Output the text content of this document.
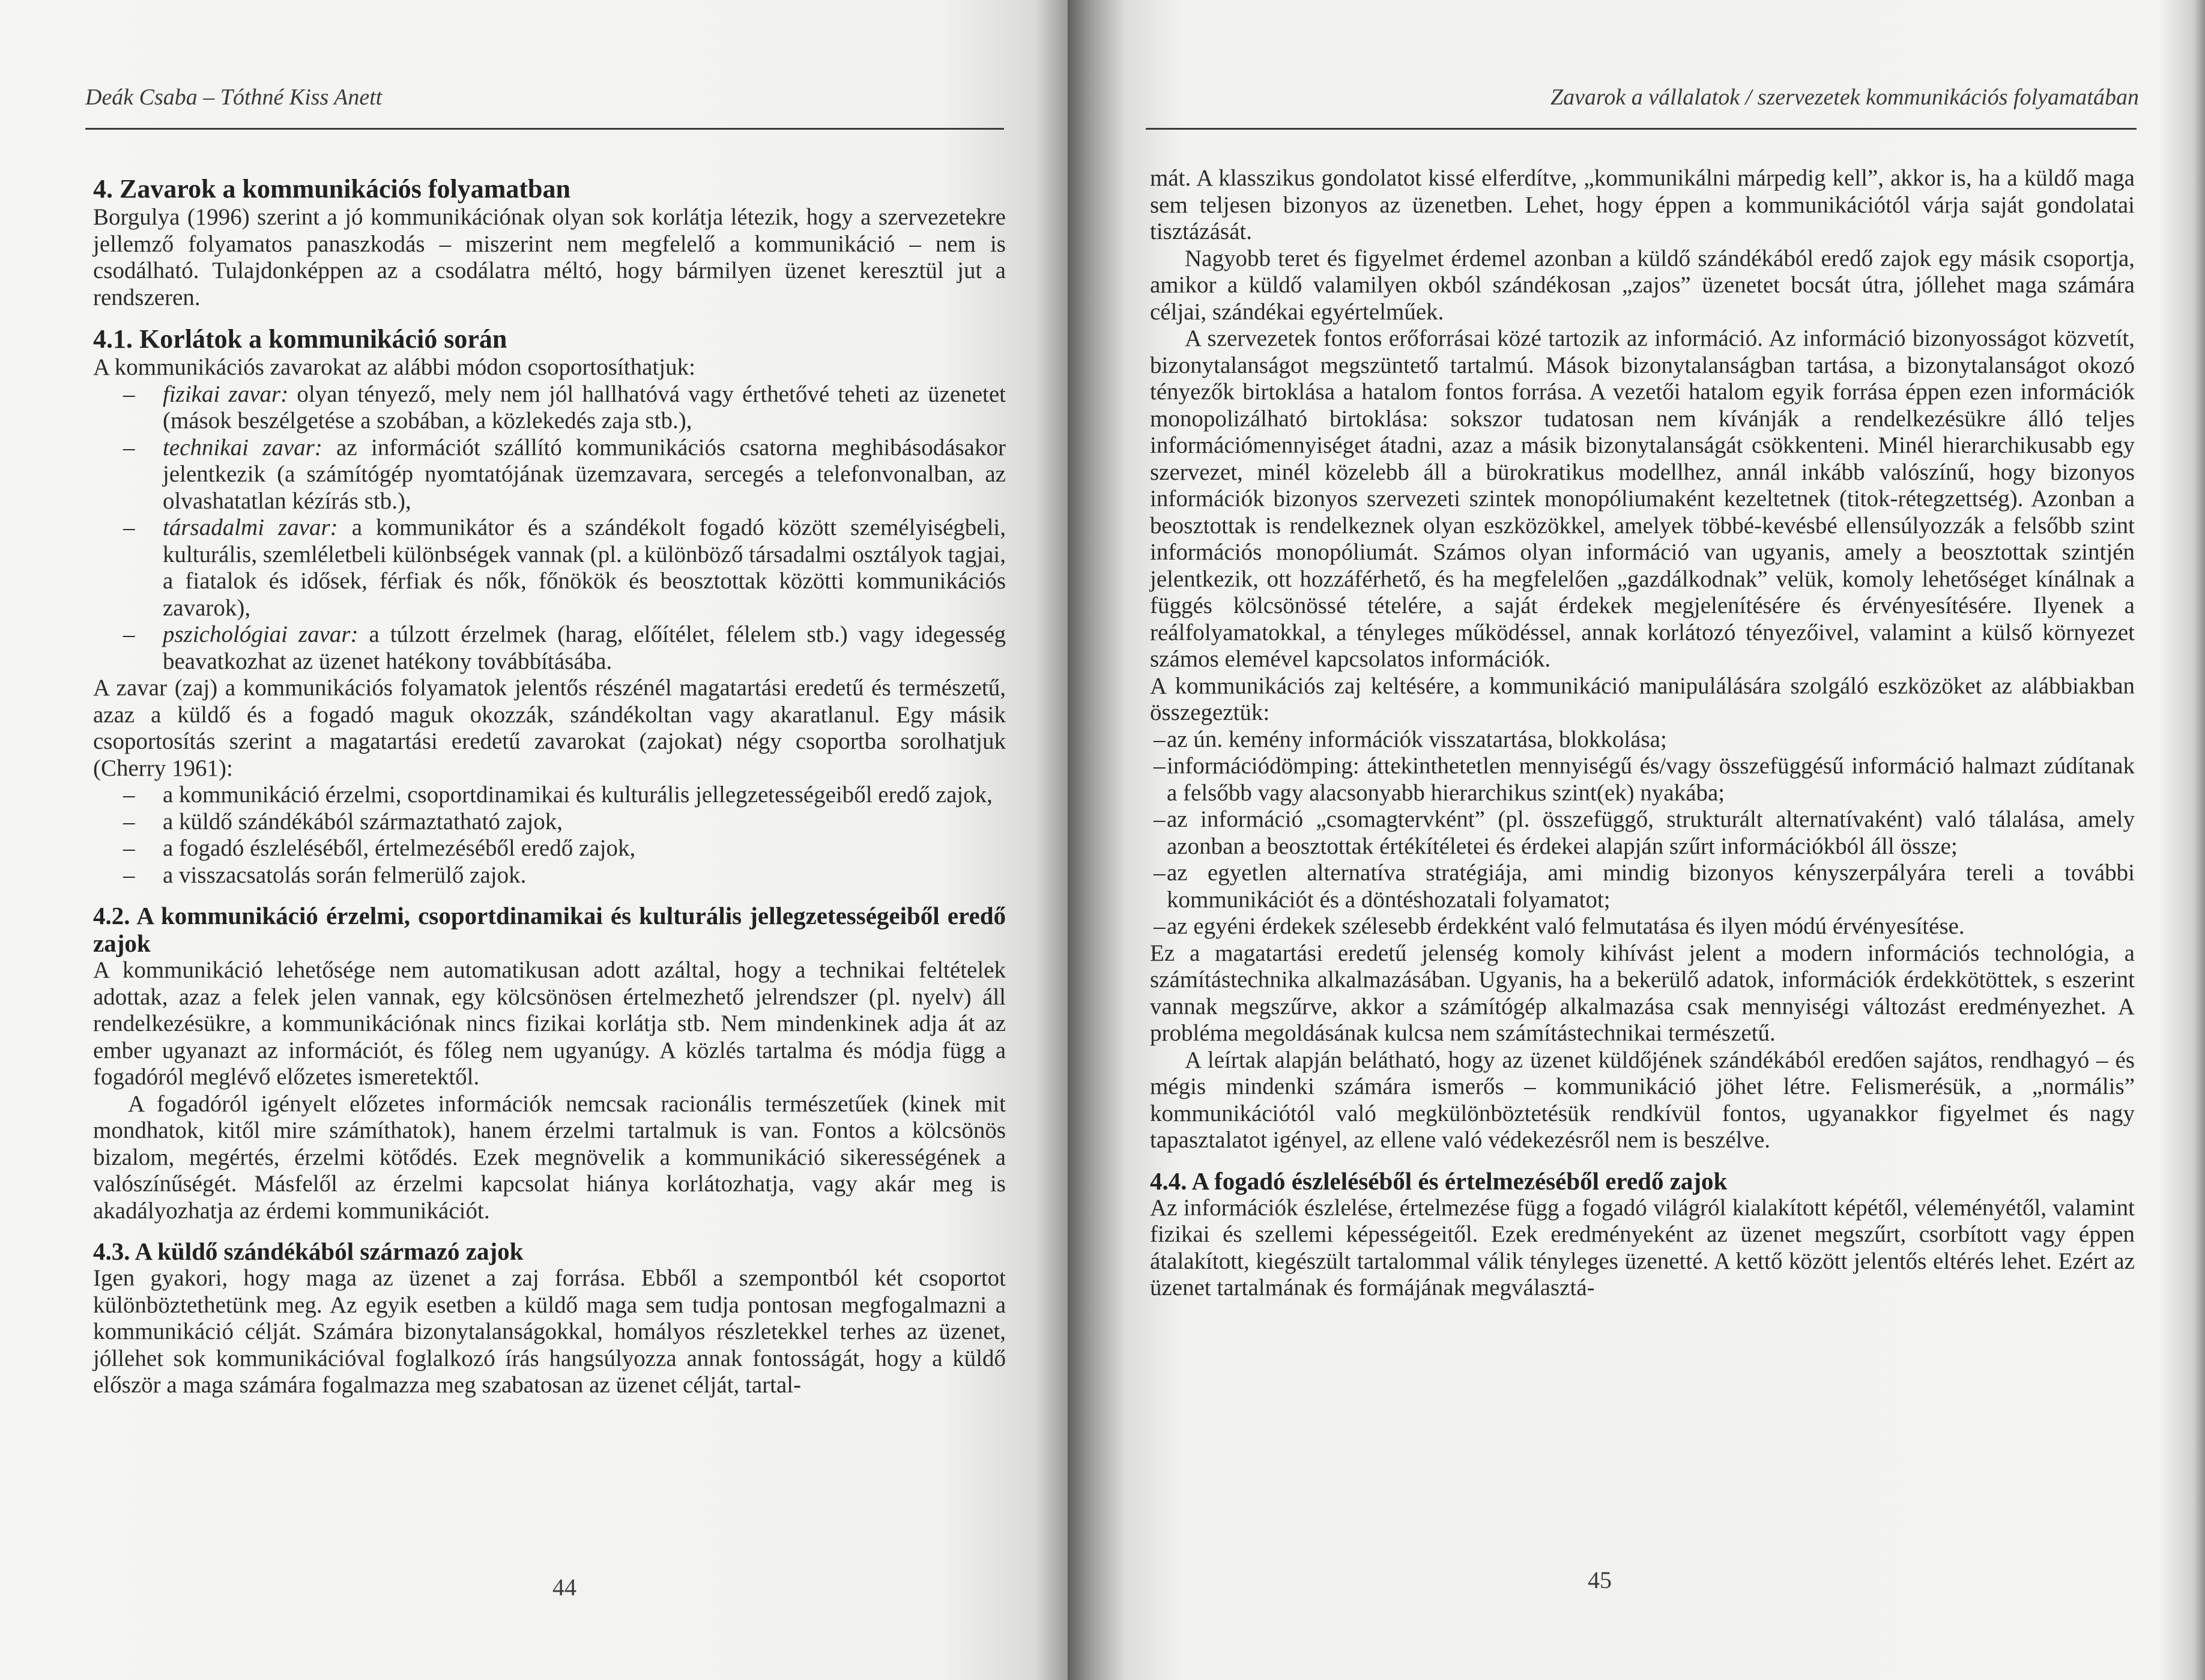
Deák Csaba – Tóthné Kiss Anett
4. Zavarok a kommunikációs folyamatban

Borgulya (1996) szerint a jó kommunikációnak olyan sok korlátja létezik, hogy a szervezetekre jellemző folyamatos panaszkodás – miszerint nem megfelelő a kommunikáció – nem is csodálható. Tulajdonképpen az a csodálatra méltó, hogy bármilyen üzenet keresztül jut a rendszeren.

4.1. Korlátok a kommunikáció során

A kommunikációs zavarokat az alábbi módon csoportosíthatjuk:

– fizikai zavar: olyan tényező, mely nem jól hallhatóvá vagy érthetővé teheti az üzenetet (mások beszélgetése a szobában, a közlekedés zaja stb.),
– technikai zavar: az információt szállító kommunikációs csatorna meghibásodásakor jelentkezik (a számítógép nyomtatójának üzemzavara, sercegés a telefonvonalban, az olvashatatlan kézírás stb.),
– társadalmi zavar: a kommunikátor és a szándékolt fogadó között személyiségbeli, kulturális, szemléletbeli különbségek vannak (pl. a különböző társadalmi osztályok tagjai, a fiatalok és idősek, férfiak és nők, főnökök és beosztottak közötti kommunikációs zavarok),
– pszichológiai zavar: a túlzott érzelmek (harag, előítélet, félelem stb.) vagy idegesség beavatkozhat az üzenet hatékony továbbításába.

A zavar (zaj) a kommunikációs folyamatok jelentős részénél magatartási eredetű és természetű, azaz a küldő és a fogadó maguk okozzák, szándékoltan vagy akaratlanul. Egy másik csoportosítás szerint a magatartási eredetű zavarokat (zajokat) négy csoportba sorolhatjuk (Cherry 1961):

– a kommunikáció érzelmi, csoportdinamikai és kulturális jellegzetességeiből eredő zajok,
– a küldő szándékából származtatható zajok,
– a fogadó észleléséből, értelmezéséből eredő zajok,
– a visszacsatolás során felmerülő zajok.
4.2. A kommunikáció érzelmi, csoportdinamikai és kulturális jellegzetességeiből eredő zajok

A kommunikáció lehetősége nem automatikusan adott azáltal, hogy a technikai feltételek adottak, azaz a felek jelen vannak, egy kölcsönösen értelmezhető jelrendszer (pl. nyelv) áll rendelkezésükre, a kommunikációnak nincs fizikai korlátja stb. Nem mindenkinek adja át az ember ugyanazt az információt, és főleg nem ugyanúgy. A közlés tartalma és módja függ a fogadóról meglévő előzetes ismeretektől.

A fogadóról igényelt előzetes információk nemcsak racionális természetűek (kinek mit mondhatok, kitől mire számíthatok), hanem érzelmi tartalmuk is van. Fontos a kölcsönös bizalom, megértés, érzelmi kötődés. Ezek megnövelik a kommunikáció sikerességének a valószínűségét. Másfelől az érzelmi kapcsolat hiánya korlátozhatja, vagy akár meg is akadályozhatja az érdemi kommunikációt.

4.3. A küldő szándékából származó zajok

Igen gyakori, hogy maga az üzenet a zaj forrása. Ebből a szempontból két csoportot különböztethetünk meg. Az egyik esetben a küldő maga sem tudja pontosan megfogalmazni a kommunikáció célját. Számára bizonytalanságokkal, homályos részletekkel terhes az üzenet, jóllehet sok kommunikációval foglalkozó írás hangsúlyozza annak fontosságát, hogy a küldő először a maga számára fogalmazza meg szabatosan az üzenet célját, tartal-

44
Zavarok a vállalatok / szervezetek kommunikációs folyamatában

mát. A klasszikus gondolatot kissé elferdítve, „kommunikálni márpedig kell”, akkor is, ha a küldő maga sem teljesen bizonyos az üzenetben. Lehet, hogy éppen a kommunikációtól várja saját gondolatai tisztázását.

Nagyobb teret és figyelmet érdemel azonban a küldő szándékából eredő zajok egy másik csoportja, amikor a küldő valamilyen okból szándékosan „zajos” üzenetet bocsát útra, jóllehet maga számára céljai, szándékai egyértelműek.

A szervezetek fontos erőforrásai közé tartozik az információ. Az információ bizonyosságot közvetít, bizonytalanságot megszüntető tartalmú. Mások bizonytalanságban tartása, a bizonytalanságot okozó tényezők birtoklása a hatalom fontos forrása. A vezetői hatalom egyik forrása éppen ezen információk monopolizálható birtoklása: sokszor tudatosan nem kívánják a rendelkezésükre álló teljes információmennyiséget átadni, azaz a másik bizonytalanságát csökkenteni. Minél hierarchikusabb egy szervezet, minél közelebb áll a bürokratikus modellhez, annál inkább valószínű, hogy bizonyos információk bizonyos szervezeti szintek monopóliumaként kezeltetnek (titok-rétegzettség). Azonban a beosztottak is rendelkeznek olyan eszközökkel, amelyek többé-kevésbé ellensúlyozzák a felsőbb szint információs monopóliumát. Számos olyan információ van ugyanis, amely a beosztottak szintjén jelentkezik, ott hozzáférhető, és ha megfelelően „gazdálkodnak” velük, komoly lehetőséget kínálnak a függés kölcsönössé tételére, a saját érdekek megjelenítésére és érvényesítésére. Ilyenek a reálfolyamatokkal, a tényleges működéssel, annak korlátozó tényezőivel, valamint a külső környezet számos elemével kapcsolatos információk.

A kommunikációs zaj keltésére, a kommunikáció manipulálására szolgáló eszközöket az alábbiakban összegeztük:

– az ún. kemény információk visszatartása, blokkolása;
– információdömping: áttekinthetetlen mennyiségű és/vagy összefüggésű információ halmazt zúdítanak a felsőbb vagy alacsonyabb hierarchikus szint(ek) nyakába;
– az információ „csomagtervként” (pl. összefüggő, strukturált alternatívaként) való tálalása, amely azonban a beosztottak értékítéletei és érdekei alapján szűrt információkból áll össze;
– az egyetlen alternatíva stratégiája, ami mindig bizonyos kényszerpályára tereli a további kommunikációt és a döntéshozatali folyamatot;
– az egyéni érdekek szélesebb érdekként való felmutatása és ilyen módú érvényesítése.

Ez a magatartási eredetű jelenség komoly kihívást jelent a modern információs technológia, a számítástechnika alkalmazásában. Ugyanis, ha a bekerülő adatok, információk érdekkötöttek, s eszerint vannak megszűrve, akkor a számítógép alkalmazása csak mennyiségi változást eredményezhet. A probléma megoldásának kulcsa nem számítástechnikai természetű.

A leírtak alapján belátható, hogy az üzenet küldőjének szándékából eredően sajátos, rendhagyó – és mégis mindenki számára ismerős – kommunikáció jöhet létre. Felismerésük, a „normális” kommunikációtól való megkülönböztetésük rendkívül fontos, ugyanakkor figyelmet és nagy tapasztalatot igényel, az ellene való védekezésről nem is beszélve.

4.4. A fogadó észleléséből és értelmezéséből eredő zajok

Az információk észlelése, értelmezése függ a fogadó világról kialakított képétől, véleményétől, valamint fizikai és szellemi képességeitől. Ezek eredményeként az üzenet megszűrt, csorbított vagy éppen átalakított, kiegészült tartalommal válik tényleges üzenetté. A kettő között jelentős eltérés lehet. Ezért az üzenet tartalmának és formájának megválasztá-

45
